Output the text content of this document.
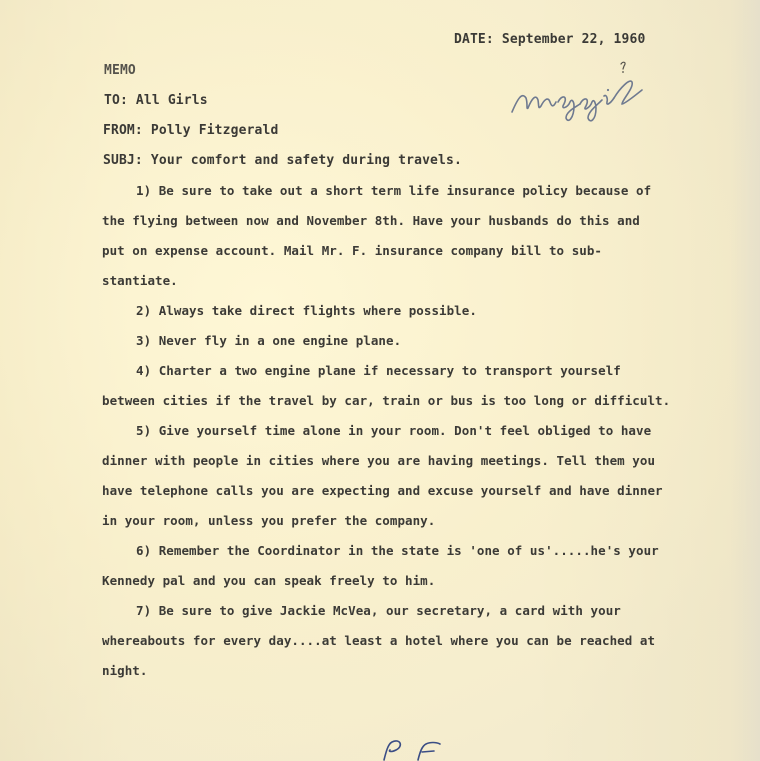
DATE: September 22, 1960
MEMO
TO: All Girls
FROM: Polly Fitzgerald
SUBJ: Your comfort and safety during travels.
1) Be sure to take out a short term life insurance policy because of
the flying between now and November 8th. Have your husbands do this and
put on expense account. Mail Mr. F. insurance company bill to sub-
stantiate.
2) Always take direct flights where possible.
3) Never fly in a one engine plane.
4) Charter a two engine plane if necessary to transport yourself
between cities if the travel by car, train or bus is too long or difficult.
5) Give yourself time alone in your room. Don't feel obliged to have
dinner with people in cities where you are having meetings. Tell them you
have telephone calls you are expecting and excuse yourself and have dinner
in your room, unless you prefer the company.
6) Remember the Coordinator in the state is 'one of us'.....he's your
Kennedy pal and you can speak freely to him.
7) Be sure to give Jackie McVea, our secretary, a card with your
whereabouts for every day....at least a hotel where you can be reached at
night.
